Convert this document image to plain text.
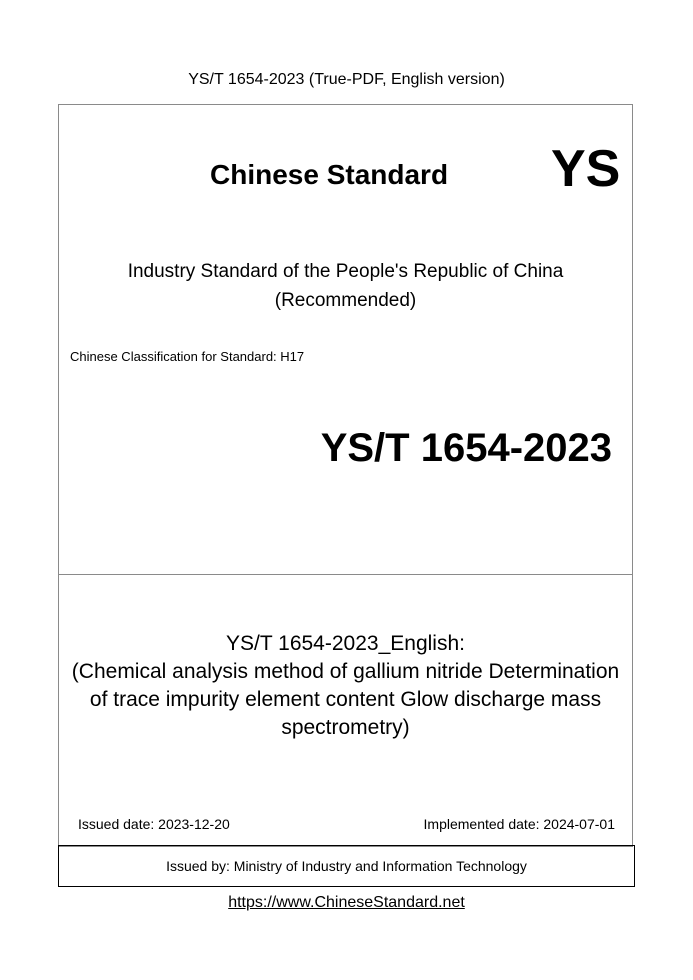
YS/T 1654-2023 (True-PDF, English version)
Chinese Standard YS
Industry Standard of the People's Republic of China
(Recommended)
Chinese Classification for Standard: H17
YS/T 1654-2023
YS/T 1654-2023_English:
(Chemical analysis method of gallium nitride Determination
of trace impurity element content Glow discharge mass
spectrometry)
Issued date: 2023-12-20	Implemented date: 2024-07-01
Issued by: Ministry of Industry and Information Technology
https://www.ChineseStandard.net
